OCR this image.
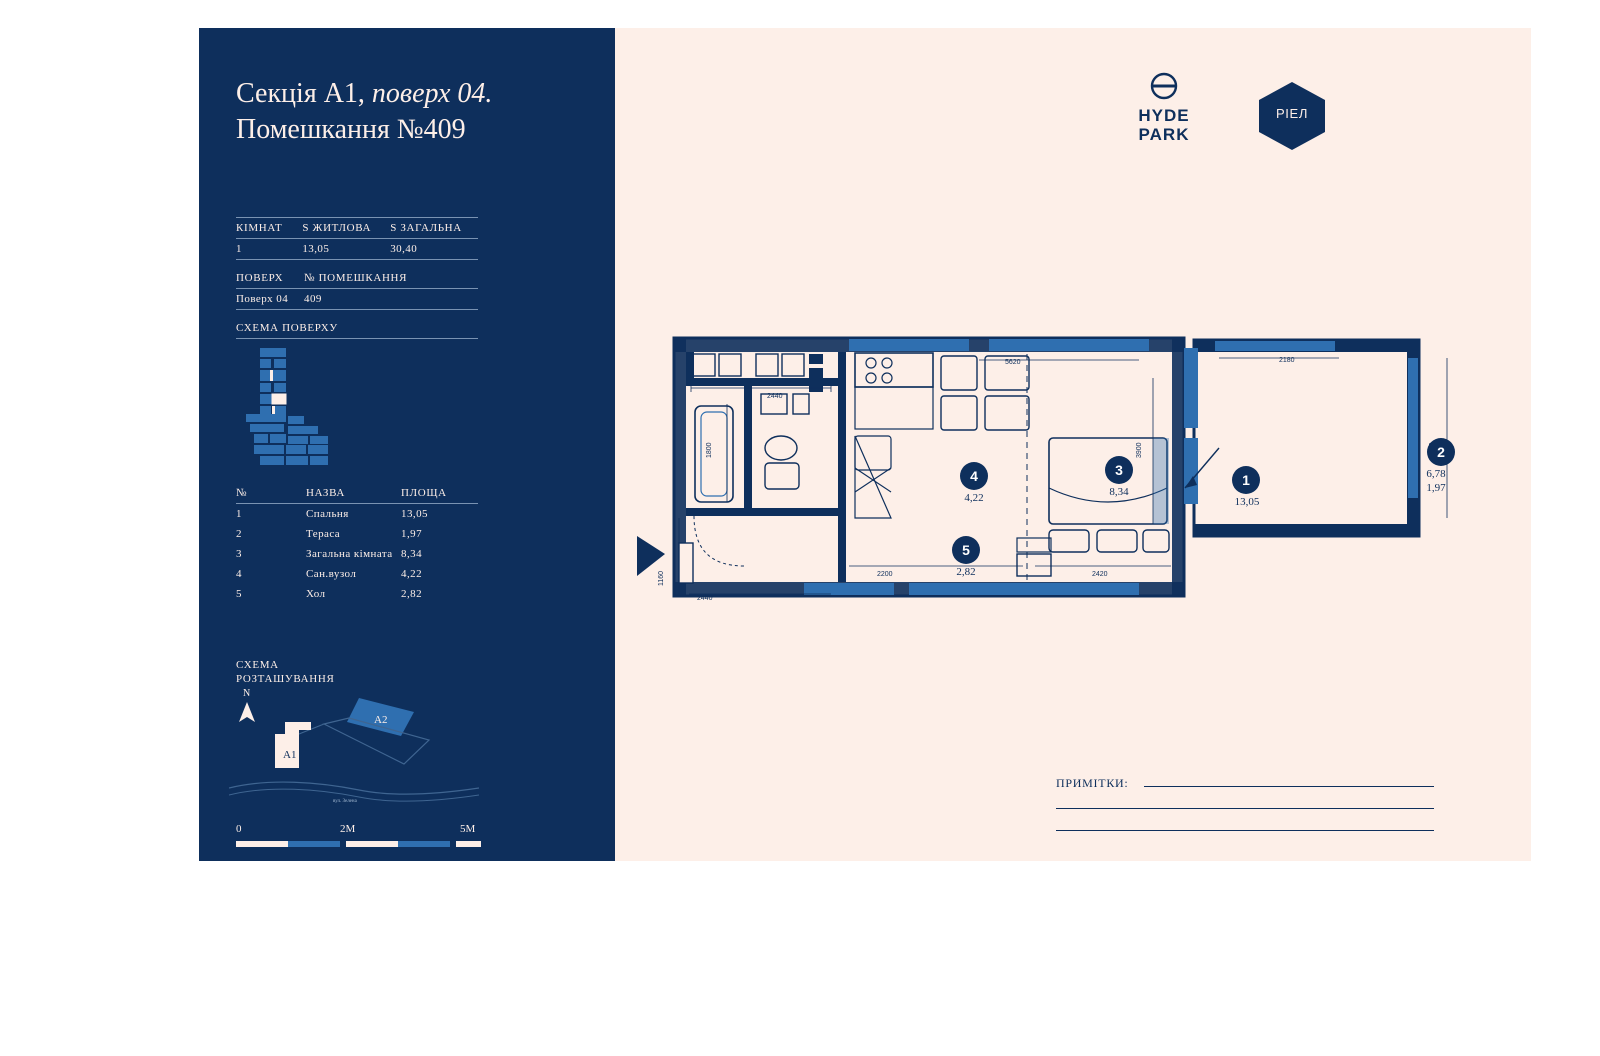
Секція А1, поверх 04.
Помешкання №409
КІМНАТ	S ЖИТЛОВА	S ЗАГАЛЬНА
1	13,05	30,40
ПОВЕРХ	№ ПОМЕШКАННЯ
Поверх 04	409
СХЕМА ПОВЕРХУ
№	НАЗВА	ПЛОЩА
1	Спальня	13,05
2	Тераса	1,97
3	Загальна кімната 8,34
4	Сан.вузол	4,22
5	Хол	2,82
СХЕМА
РОЗТАШУВАННЯ
N
А2
А1
вул. Зелена
0	2М	5М
HYDE
PARK
РІЕЛ
ПРИМІТКИ:
5620	2180
2440
2200	2420
2440
1800
1160
3900
1
13,05
2
6,78
1,97
3
8,34
4
4,22
5
2,82
